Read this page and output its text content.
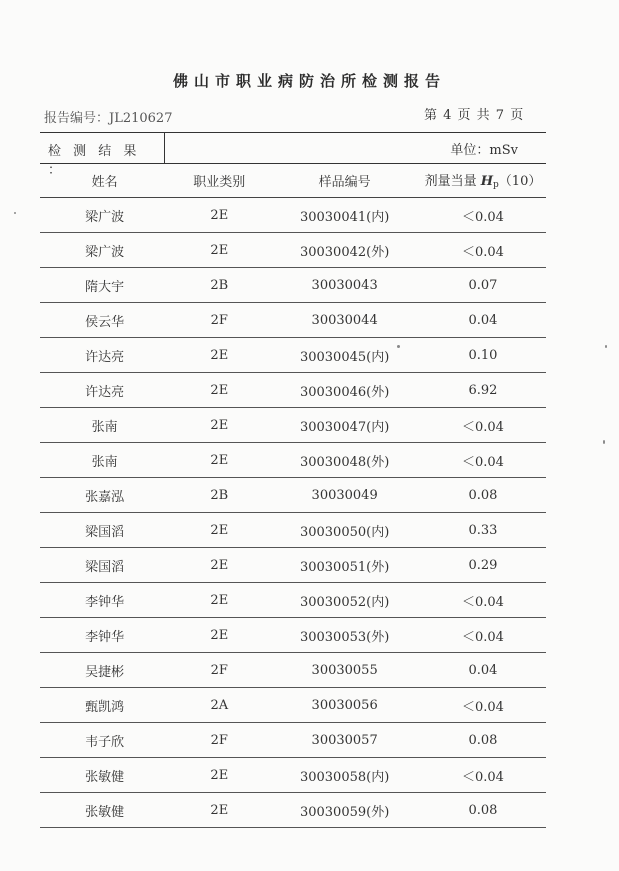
佛山市职业病防治所检测报告
报告编号：JL210627	第 4 页 共 7 页
检 测 结 果 ：
单位：mSv
姓名	职业类别	样品编号	剂量当量 Hp（10）
梁广波	2E	30030041(内)	＜0.04
梁广波	2E	30030042(外)	＜0.04
隋大宇	2B	30030043	0.07
侯云华	2F	30030044	0.04
许达亮	2E	30030045(内)	0.10
许达亮	2E	30030046(外)	6.92
张南	2E	30030047(内)	＜0.04
张南	2E	30030048(外)	＜0.04
张嘉泓	2B	30030049	0.08
梁国滔	2E	30030050(内)	0.33
梁国滔	2E	30030051(外)	0.29
李钟华	2E	30030052(内)	＜0.04
李钟华	2E	30030053(外)	＜0.04
吴捷彬	2F	30030055	0.04
甄凯鸿	2A	30030056	＜0.04
韦子欣	2F	30030057	0.08
张敏健	2E	30030058(内)	＜0.04
张敏健	2E	30030059(外)	0.08
